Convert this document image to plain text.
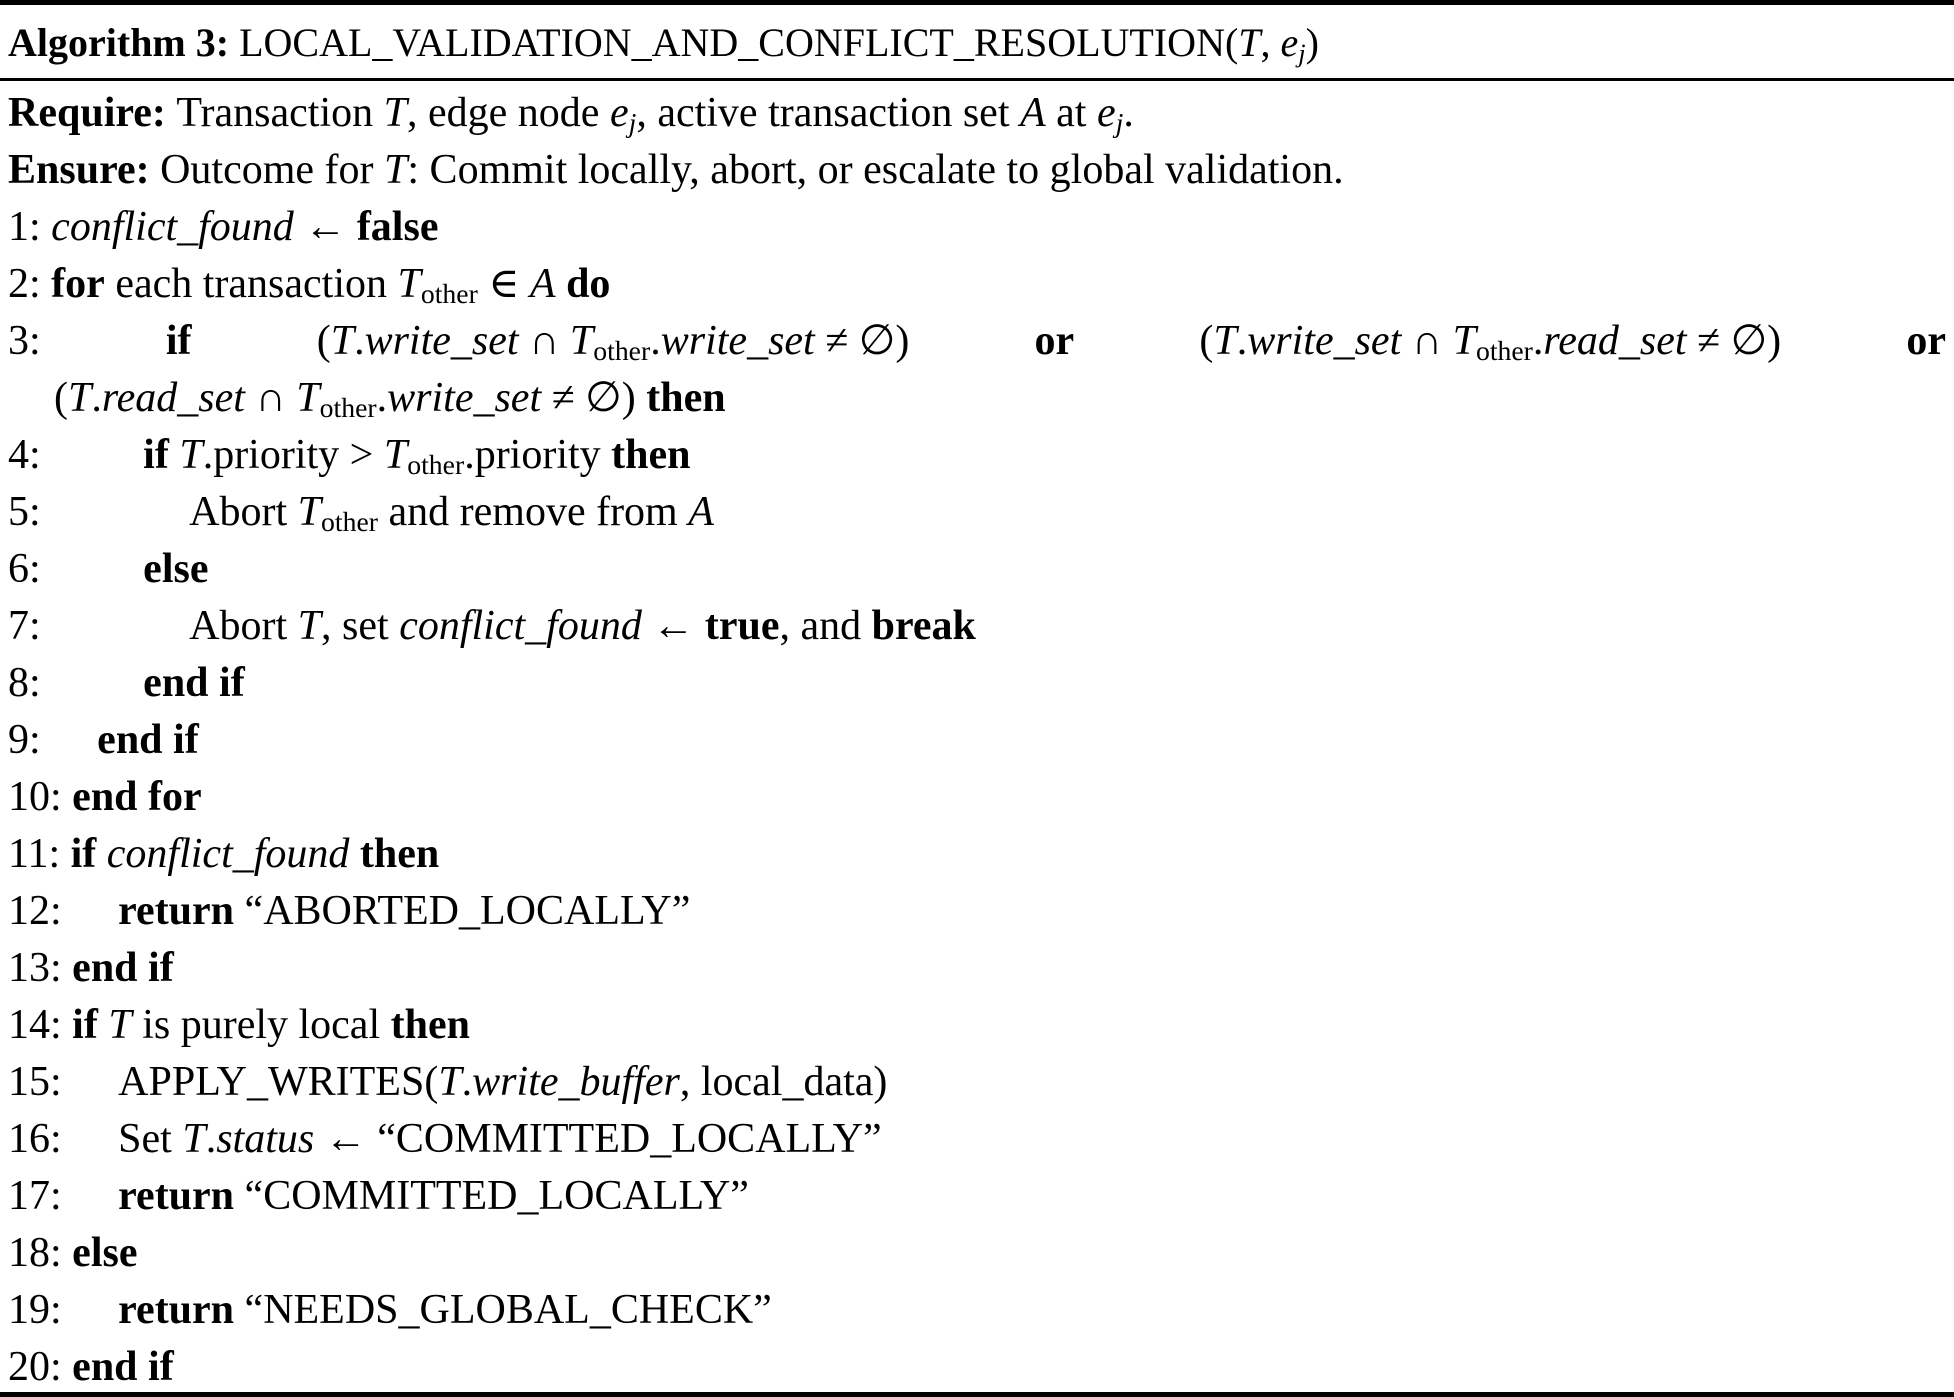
Algorithm 3: LOCAL_VALIDATION_AND_CONFLICT_RESOLUTION(T, ej)
Require: Transaction T, edge node ej, active transaction set A at ej.
Ensure: Outcome for T: Commit locally, abort, or escalate to global validation.
1: conflict_found ← false
2: for each transaction $T_{other}$ ∈ A do
3:	if	(T.write_set ∩ $T_{other}.write\_set$ ≠ ∅)	or	(T.write_set ∩ $T_{other}.read\_set$ ≠ ∅)	or
(T.read_set ∩ $T_{other}.write\_set$ ≠ ∅) then
4: if T.priority > $T_{other}.priority$ then
5:	Abort $T_{other}$ and remove from A
6: else
7:	Abort T, set conflict_found ← true, and break
8: end if
9: end if
10: end for
11: if conflict_found then
12: return “ABORTED_LOCALLY”
13: end if
14: if T is purely local then
15: APPLY_WRITES(T.write_buffer, local_data)
16: Set T.status ← “COMMITTED_LOCALLY”
17: return “COMMITTED_LOCALLY”
18: else
19: return “NEEDS_GLOBAL_CHECK”
20: end if
